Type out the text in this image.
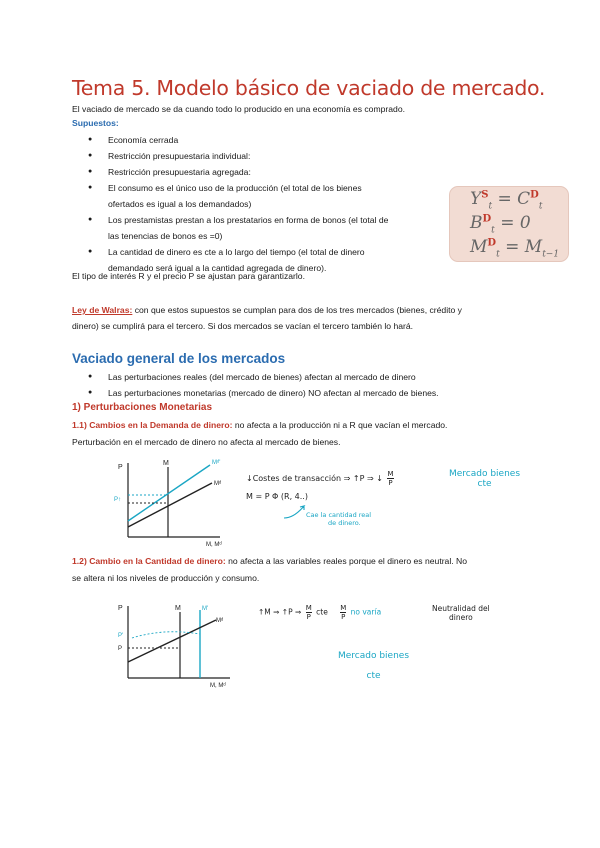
Tema 5. Modelo básico de vaciado de mercado.
El vaciado de mercado se da cuando todo lo producido en una economía es comprado.
Supuestos:
● Economía cerrada
● Restricción presupuestaria individual:
● Restricción presupuestaria agregada:
● El consumo es el único uso de la producción (el total de los bienes
ofertados es igual a los demandados)
● Los prestamistas prestan a los prestatarios en forma de bonos (el total de
las tenencias de bonos es =0)
● La cantidad de dinero es cte a lo largo del tiempo (el total de dinero
demandado será igual a la cantidad agregada de dinero).
$Y^S_t = C^D_t$
$B^D_t = 0$
$M^D_t = M_{t-1}$
El tipo de interés R y el precio P se ajustan para garantizarlo.
Ley de Walras: con que estos supuestos se cumplan para dos de los tres mercados (bienes, crédito y
dinero) se cumplirá para el tercero. Si dos mercados se vacían el tercero también lo hará.
Vaciado general de los mercados
● Las perturbaciones reales (del mercado de bienes) afectan al mercado de dinero
● Las perturbaciones monetarias (mercado de dinero) NO afectan al mercado de bienes.
1) Perturbaciones Monetarias
1.1) Cambios en la Demanda de dinero: no afecta a la producción ni a R que vacían el mercado.
Perturbación en el mercado de dinero no afecta al mercado de bienes.
P
M, Mᵈ
M	Mᵈ'
Mᵈ
P↑
↓Costes de transacción ⇒ ↑P ⇒ ↓ $\frac{M}{P}$
M = P Φ (R, 4..)
Cae la cantidad real
de dinero.
Mercado bienes
cte
1.2) Cambio en la Cantidad de dinero: no afecta a las variables reales porque el dinero es neutral. No
se altera ni los niveles de producción y consumo.
P
M, Mᵈ
M	M'
Mᵈ
P'
P
↑M ⇒ ↑P ⇒ $\frac{M}{P}$ cte $\frac{M}{P}$ no varía	Neutralidad del
dinero
Mercado bienes
cte
